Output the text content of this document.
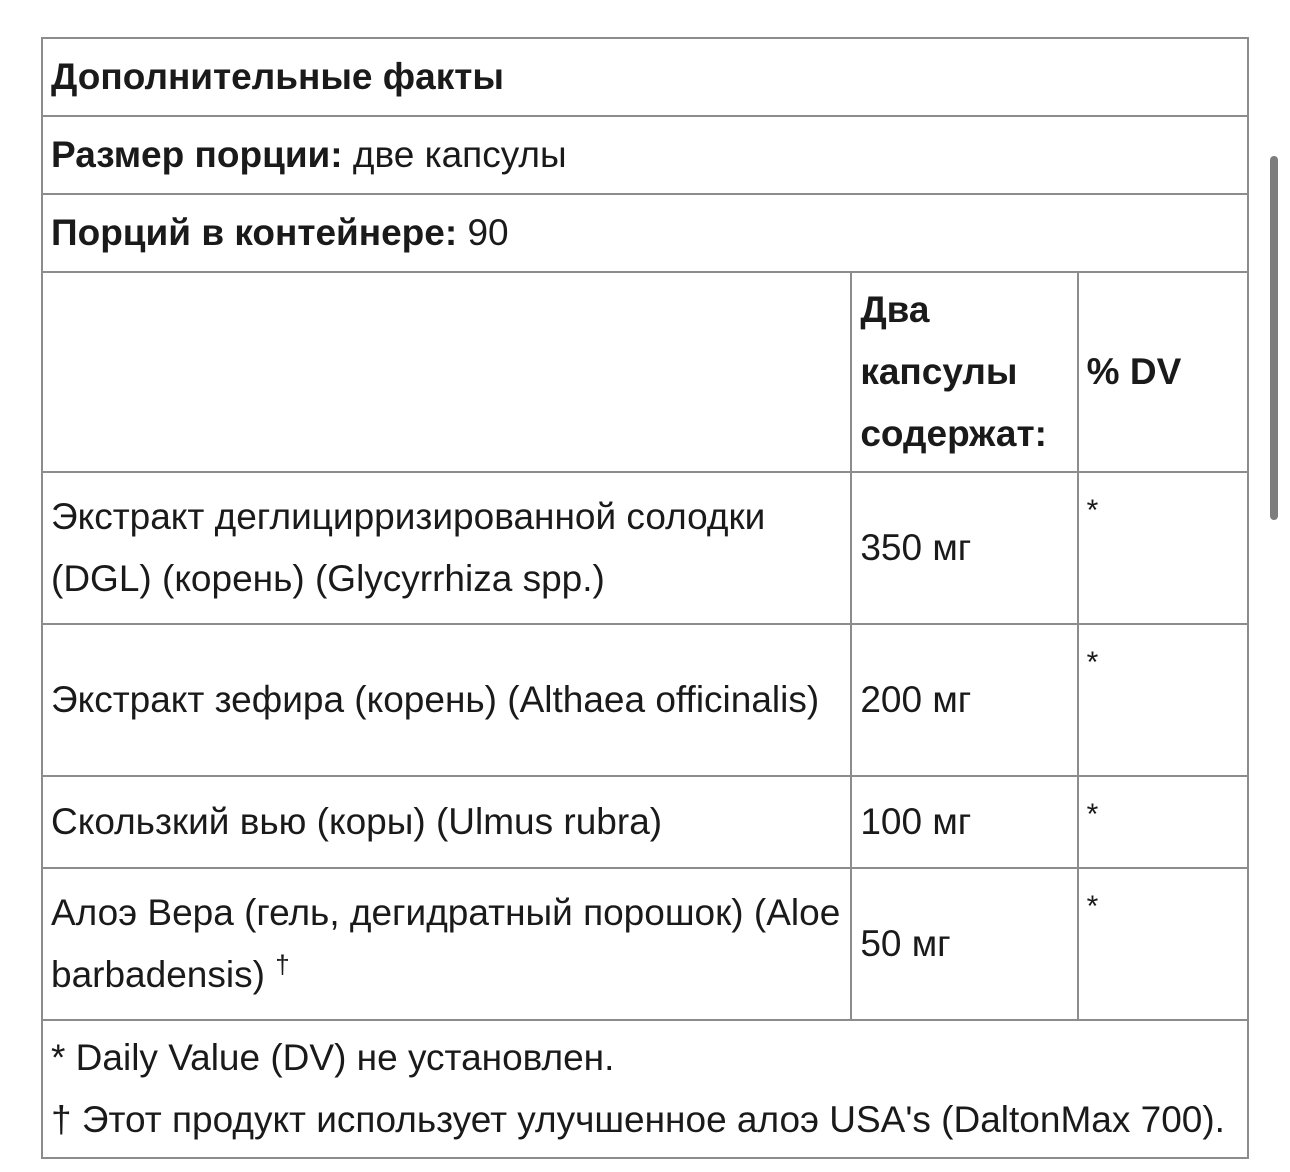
Дополнительные факты		
Размер порции: две капсулы		
Порций в контейнере: 90		

	Два
капсулы
содержат:	% DV
Экстракт деглицирризированной солодки (DGL) (корень) (Glycyrrhiza spp.)	350 мг	*
Экстракт зефира (корень) (Althaea officinalis)	200 мг	*
Скользкий вью (коры) (Ulmus rubra)	100 мг	*
Алоэ Вера (гель, дегидратный порошок) (Aloe barbadensis) †	50 мг	*

* Daily Value (DV) не установлен.
† Этот продукт использует улучшенное алоэ USA's (DaltonMax 700).		
